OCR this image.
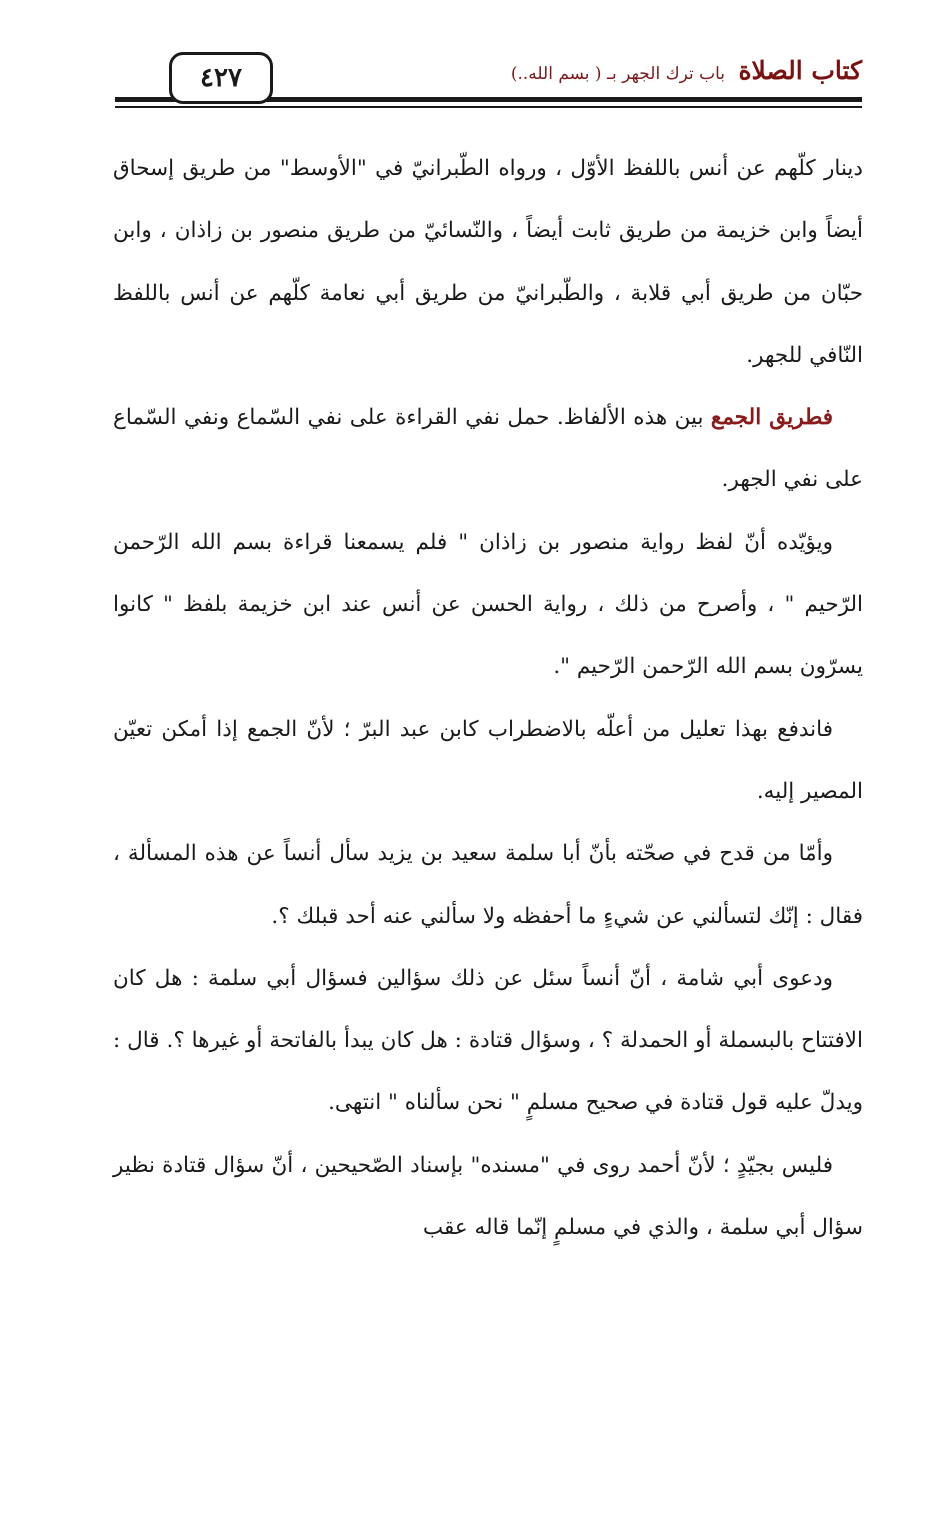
٤٢٧	كتاب الصلاة باب ترك الجهر بـ ( بسم الله..)

دينار كلّهم عن أنس باللفظ الأوّل ، ورواه الطّبرانيّ في "الأوسط" من طريق إسحاق أيضاً وابن خزيمة من طريق ثابت أيضاً ، والنّسائيّ من طريق منصور بن زاذان ، وابن حبّان من طريق أبي قلابة ، والطّبرانيّ من طريق أبي نعامة كلّهم عن أنس باللفظ النّافي للجهر.

فطريق الجمع بين هذه الألفاظ. حمل نفي القراءة على نفي السّماع ونفي السّماع على نفي الجهر.

ويؤيّده أنّ لفظ رواية منصور بن زاذان " فلم يسمعنا قراءة بسم الله الرّحمن الرّحيم " ، وأصرح من ذلك ، رواية الحسن عن أنس عند ابن خزيمة بلفظ " كانوا يسرّون بسم الله الرّحمن الرّحيم ".

فاندفع بهذا تعليل من أعلّه بالاضطراب كابن عبد البرّ ؛ لأنّ الجمع إذا أمكن تعيّن المصير إليه.

وأمّا من قدح في صحّته بأنّ أبا سلمة سعيد بن يزيد سأل أنساً عن هذه المسألة ، فقال : إنّك لتسألني عن شيءٍ ما أحفظه ولا سألني عنه أحد قبلك ؟.

ودعوى أبي شامة ، أنّ أنساً سئل عن ذلك سؤالين فسؤال أبي سلمة : هل كان الافتتاح بالبسملة أو الحمدلة ؟ ، وسؤال قتادة : هل كان يبدأ بالفاتحة أو غيرها ؟. قال : ويدلّ عليه قول قتادة في صحيح مسلمٍ " نحن سألناه " انتهى.

فليس بجيّدٍ ؛ لأنّ أحمد روى في "مسنده" بإسناد الصّحيحين ، أنّ سؤال قتادة نظير سؤال أبي سلمة ، والذي في مسلمٍ إنّما قاله عقب
